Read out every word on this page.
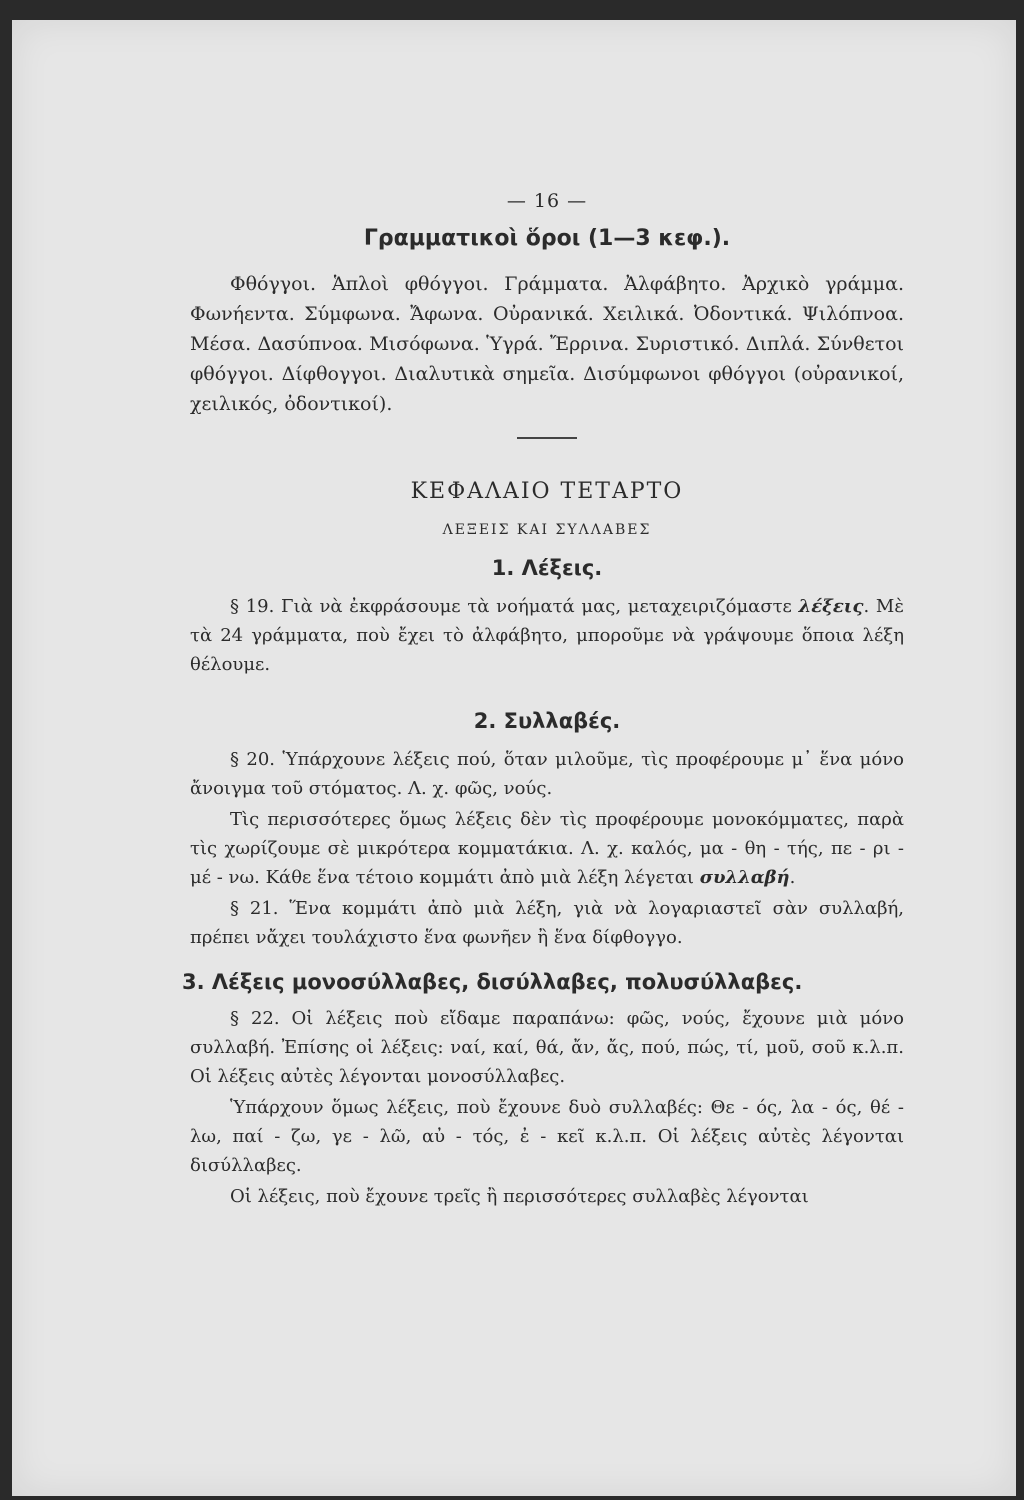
— 16 —
Γραμματικοὶ ὅροι (1—3 κεφ.).

Φθόγγοι. Ἁπλοὶ φθόγγοι. Γράμματα. Ἀλφάβητο. Ἀρχικὸ γράμμα. Φωνήεντα. Σύμφωνα. Ἄφωνα. Οὐρανικά. Χειλικά. Ὀδοντικά. Ψιλόπνοα. Μέσα. Δασύπνοα. Μισόφωνα. Ὑγρά. Ἔρρινα. Συριστικό. Διπλά. Σύνθετοι φθόγγοι. Δίφθογγοι. Διαλυτικὰ σημεῖα. Δισύμφωνοι φθόγγοι (οὐρανικοί, χειλικός, ὀδοντικοί).

ΚΕΦΑΛΑΙΟ ΤΕΤΑΡΤΟ
ΛΕΞΕΙΣ ΚΑΙ ΣΥΛΛΑΒΕΣ
1. Λέξεις.

§ 19. Γιὰ νὰ ἐκφράσουμε τὰ νοήματά μας, μεταχειριζόμαστε λέξεις. Μὲ τὰ 24 γράμματα, ποὺ ἔχει τὸ ἀλφάβητο, μποροῦμε νὰ γράψουμε ὅποια λέξη θέλουμε.

2. Συλλαβές.

§ 20. Ὑπάρχουνε λέξεις πού, ὅταν μιλοῦμε, τὶς προφέρουμε μ᾿ ἕνα μόνο ἄνοιγμα τοῦ στόματος. Λ. χ. φῶς, νούς.

Τὶς περισσότερες ὅμως λέξεις δὲν τὶς προφέρουμε μονοκόμματες, παρὰ τὶς χωρίζουμε σὲ μικρότερα κομματάκια. Λ. χ. καλός, μα - θη - τής, πε - ρι - μέ - νω. Κάθε ἕνα τέτοιο κομμάτι ἀπὸ μιὰ λέξη λέγεται συλλαβή.

§ 21. Ἕνα κομμάτι ἀπὸ μιὰ λέξη, γιὰ νὰ λογαριαστεῖ σὰν συλλαβή, πρέπει νἄχει τουλάχιστο ἕνα φωνῆεν ἢ ἕνα δίφθογγο.

3. Λέξεις μονοσύλλαβες, δισύλλαβες, πολυσύλλαβες.

§ 22. Οἱ λέξεις ποὺ εἴδαμε παραπάνω: φῶς, νούς, ἔχουνε μιὰ μόνο συλλαβή. Ἐπίσης οἱ λέξεις: ναί, καί, θά, ἄν, ἄς, πού, πώς, τί, μοῦ, σοῦ κ.λ.π. Οἱ λέξεις αὐτὲς λέγονται μονοσύλλαβες.

Ὑπάρχουν ὅμως λέξεις, ποὺ ἔχουνε δυὸ συλλαβές: Θε - ός, λα - ός, θέ - λω, παί - ζω, γε - λῶ, αὐ - τός, ἐ - κεῖ κ.λ.π. Οἱ λέξεις αὐτὲς λέγονται δισύλλαβες.

Οἱ λέξεις, ποὺ ἔχουνε τρεῖς ἢ περισσότερες συλλαβὲς λέγονται
